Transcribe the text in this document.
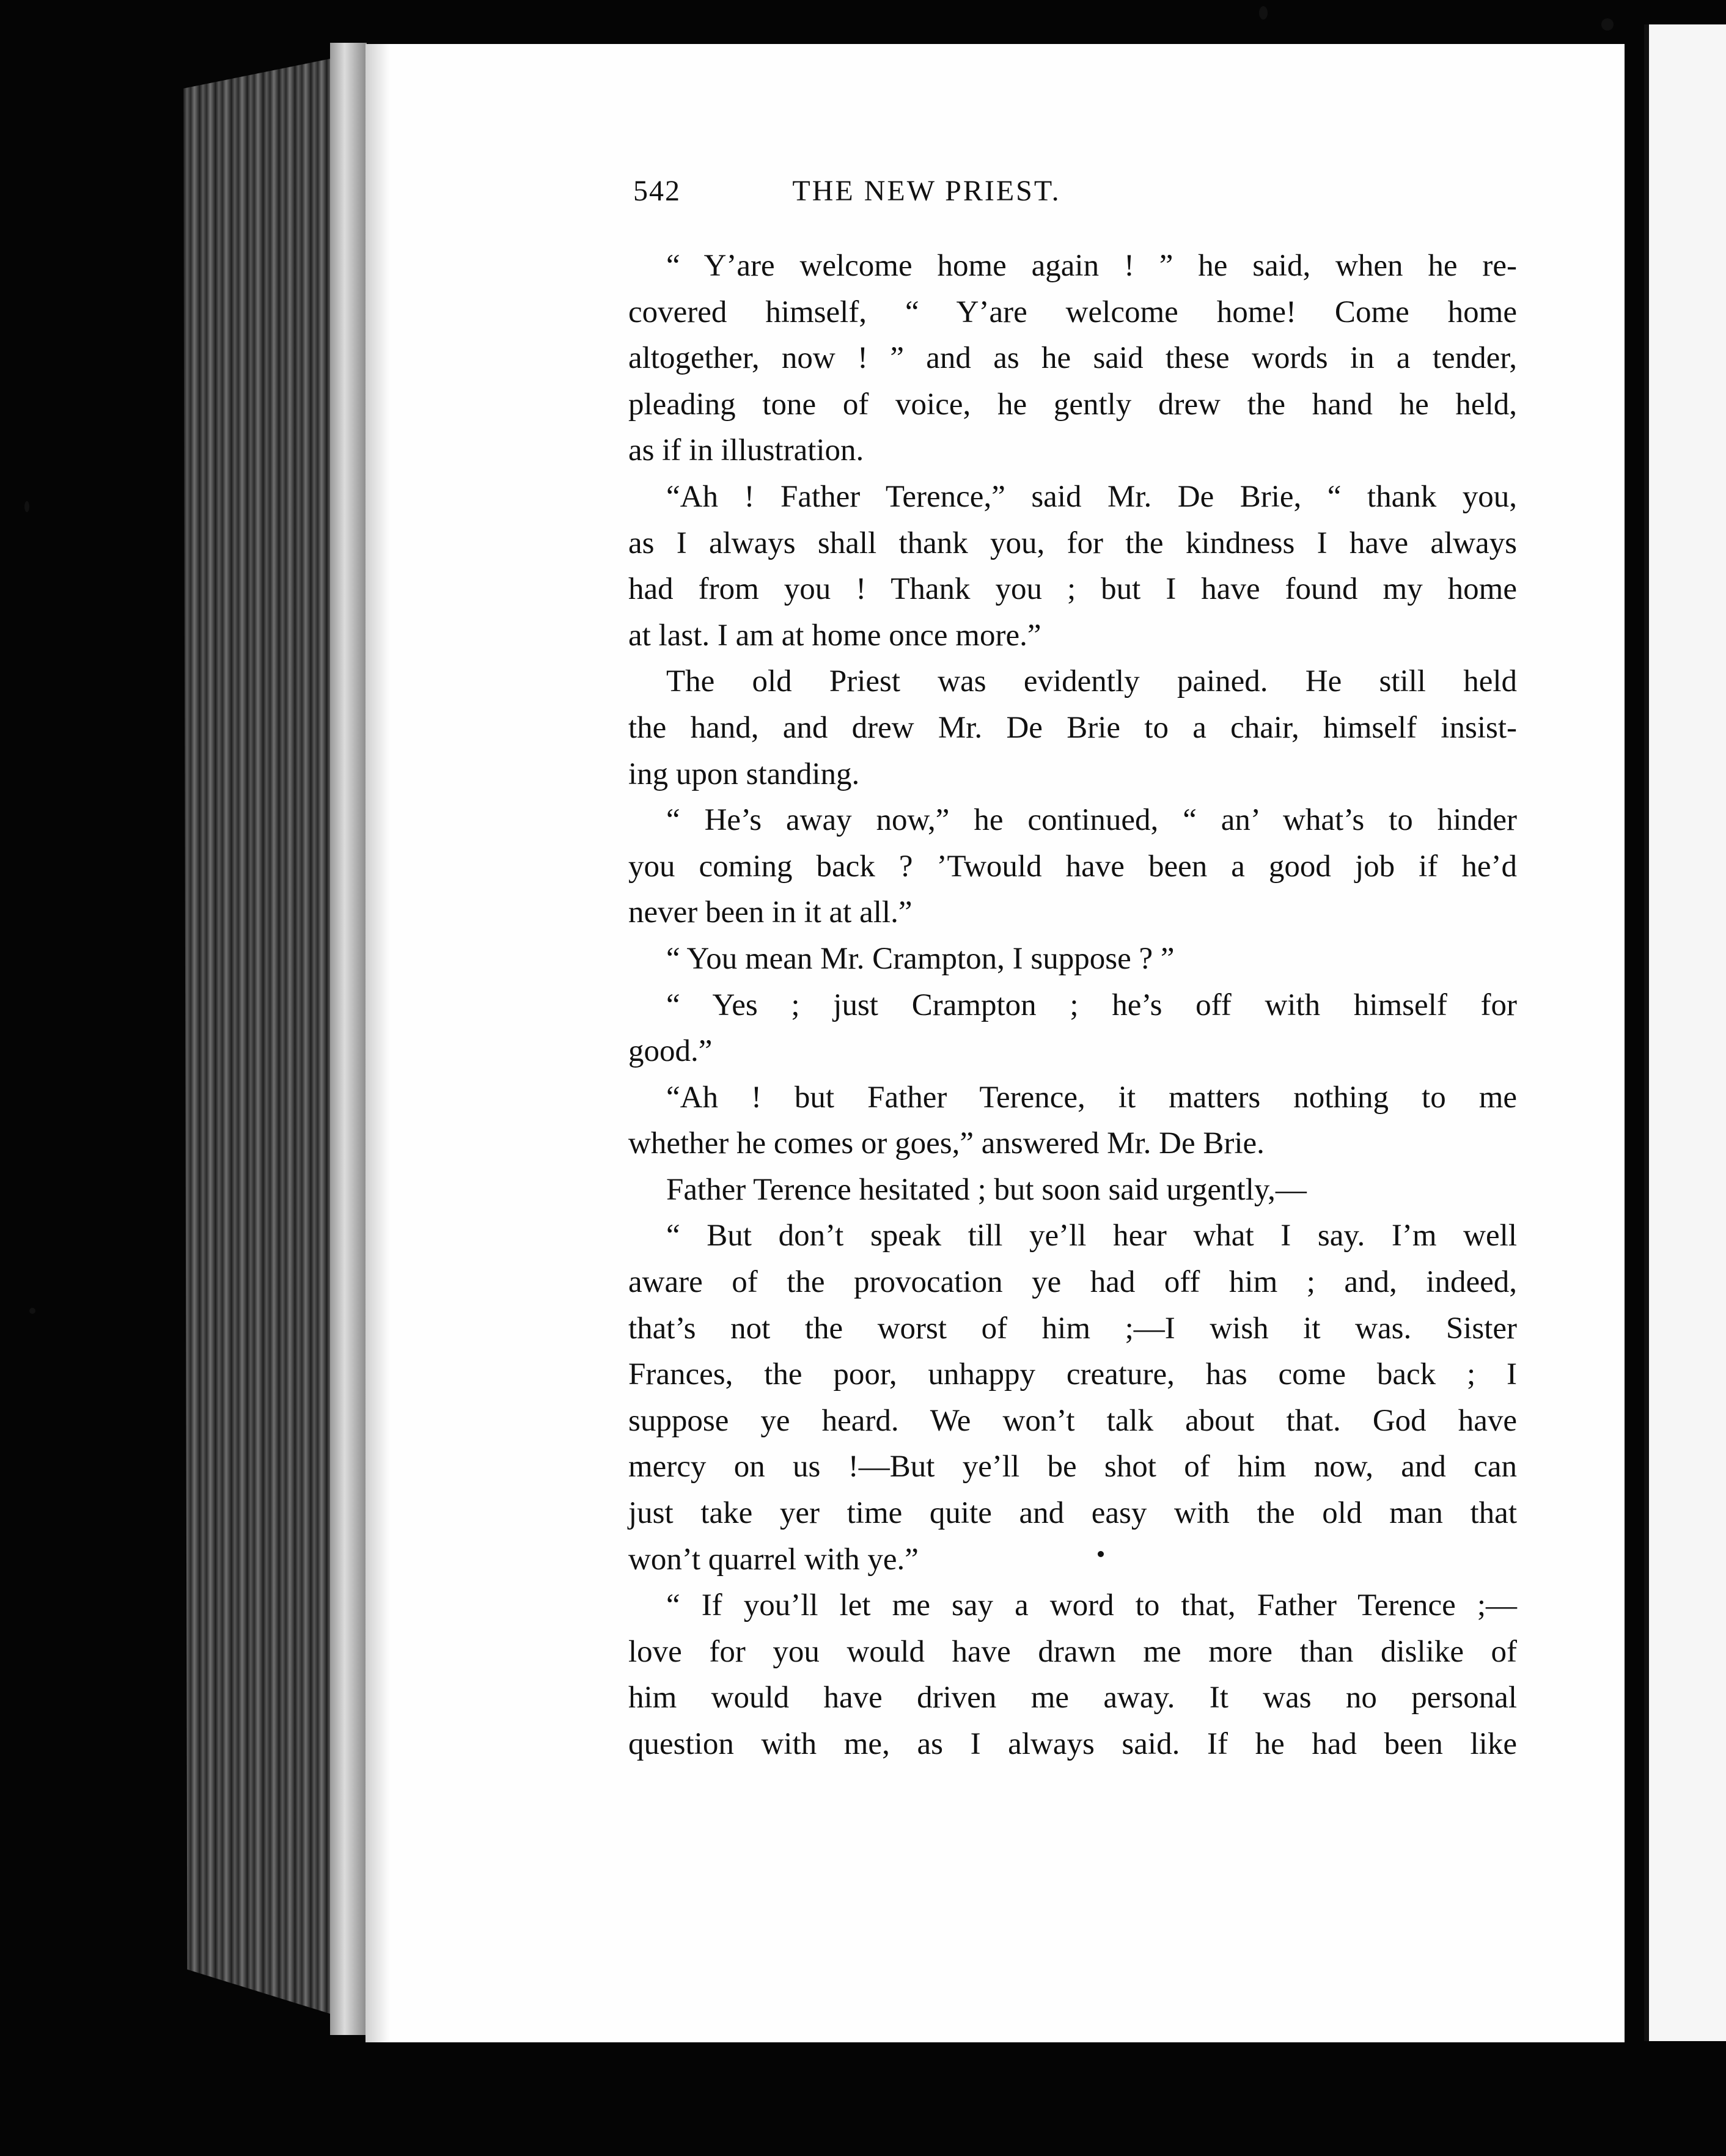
542	THE NEW PRIEST.
“ Y’are welcome home again ! ” he said, when he re-
covered himself, “ Y’are welcome home! Come home
altogether, now ! ” and as he said these words in a tender,
pleading tone of voice, he gently drew the hand he held,
as if in illustration.
“Ah ! Father Terence,” said Mr. De Brie, “ thank you,
as I always shall thank you, for the kindness I have always
had from you ! Thank you ; but I have found my home
at last. I am at home once more.”
The old Priest was evidently pained. He still held
the hand, and drew Mr. De Brie to a chair, himself insist-
ing upon standing.
“ He’s away now,” he continued, “ an’ what’s to hinder
you coming back ? ’Twould have been a good job if he’d
never been in it at all.”
“ You mean Mr. Crampton, I suppose ? ”
“ Yes ; just Crampton ; he’s off with himself for
good.”
“Ah ! but Father Terence, it matters nothing to me
whether he comes or goes,” answered Mr. De Brie.
Father Terence hesitated ; but soon said urgently,—
“ But don’t speak till ye’ll hear what I say. I’m well
aware of the provocation ye had off him ; and, indeed,
that’s not the worst of him ;—I wish it was. Sister
Frances, the poor, unhappy creature, has come back ; I
suppose ye heard. We won’t talk about that. God have
mercy on us !—But ye’ll be shot of him now, and can
just take yer time quite and easy with the old man that
won’t quarrel with ye.”
“ If you’ll let me say a word to that, Father Terence ;—
love for you would have drawn me more than dislike of
him would have driven me away. It was no personal
question with me, as I always said. If he had been like
